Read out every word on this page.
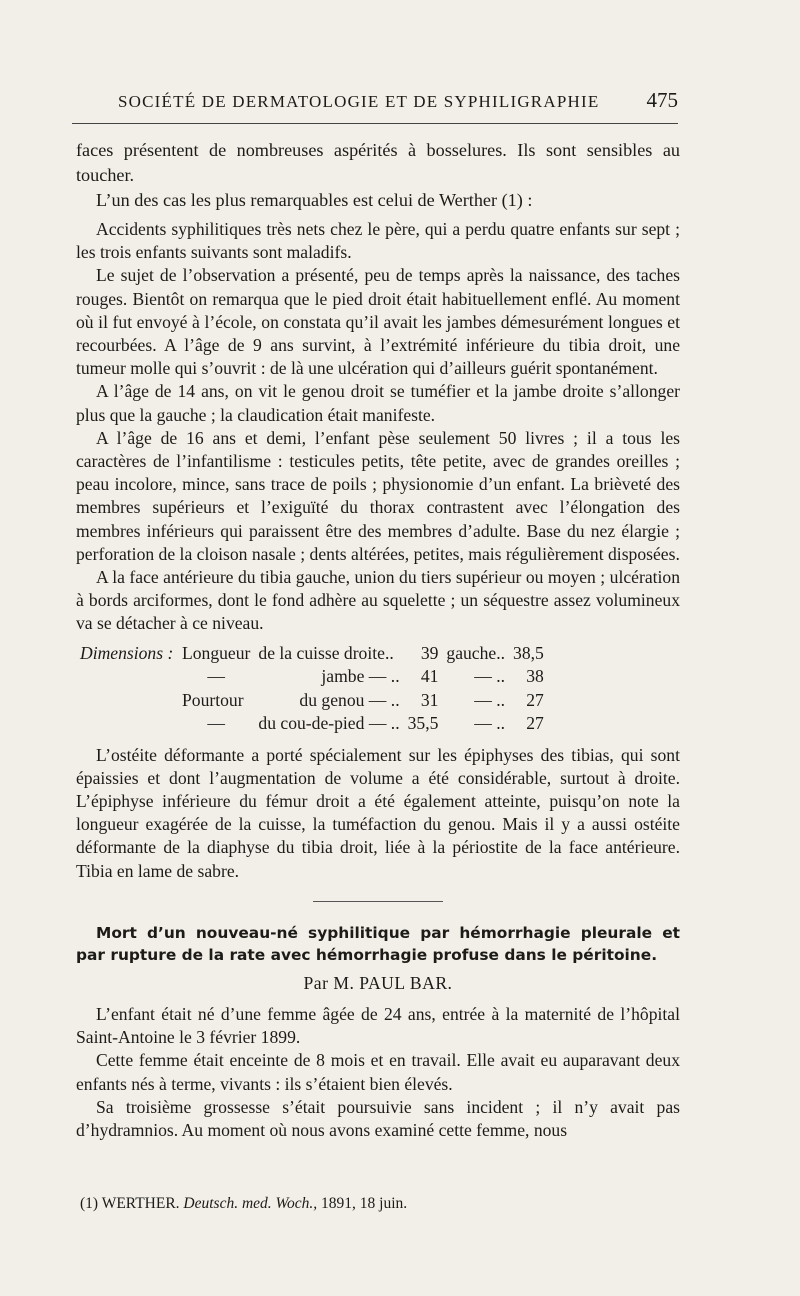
SOCIÉTÉ DE DERMATOLOGIE ET DE SYPHILIGRAPHIE 475

faces présentent de nombreuses aspérités à bosselures. Ils sont sensibles au toucher.

L’un des cas les plus remarquables est celui de Werther (1) :

Accidents syphilitiques très nets chez le père, qui a perdu quatre enfants sur sept ; les trois enfants suivants sont maladifs.

Le sujet de l’observation a présenté, peu de temps après la naissance, des taches rouges. Bientôt on remarqua que le pied droit était habituellement enflé. Au moment où il fut envoyé à l’école, on constata qu’il avait les jambes démesurément longues et recourbées. A l’âge de 9 ans survint, à l’extrémité inférieure du tibia droit, une tumeur molle qui s’ouvrit : de là une ulcération qui d’ailleurs guérit spontanément.

A l’âge de 14 ans, on vit le genou droit se tuméfier et la jambe droite s’allonger plus que la gauche ; la claudication était manifeste.

A l’âge de 16 ans et demi, l’enfant pèse seulement 50 livres ; il a tous les caractères de l’infantilisme : testicules petits, tête petite, avec de grandes oreilles ; peau incolore, mince, sans trace de poils ; physionomie d’un enfant. La brièveté des membres supérieurs et l’exiguïté du thorax contrastent avec l’élongation des membres inférieurs qui paraissent être des membres d’adulte. Base du nez élargie ; perforation de la cloison nasale ; dents altérées, petites, mais régulièrement disposées.

A la face antérieure du tibia gauche, union du tiers supérieur ou moyen ; ulcération à bords arciformes, dont le fond adhère au squelette ; un séquestre assez volumineux va se détacher à ce niveau.

Dimensions :	Longueur	de la cuisse droite..	39	gauche..	38,5
	—	jambe — ..	41	— ..	38
	Pourtour	du genou — ..	31	— ..	27
	—	du cou-de-pied — ..	35,5	— ..	27

L’ostéite déformante a porté spécialement sur les épiphyses des tibias, qui sont épaissies et dont l’augmentation de volume a été considérable, surtout à droite. L’épiphyse inférieure du fémur droit a été également atteinte, puisqu’on note la longueur exagérée de la cuisse, la tuméfaction du genou. Mais il y a aussi ostéite déformante de la diaphyse du tibia droit, liée à la périostite de la face antérieure. Tibia en lame de sabre.

Mort d’un nouveau-né syphilitique par hémorrhagie pleurale et par rupture de la rate avec hémorrhagie profuse dans le péritoine.

Par M. PAUL BAR.

L’enfant était né d’une femme âgée de 24 ans, entrée à la maternité de l’hôpital Saint-Antoine le 3 février 1899.

Cette femme était enceinte de 8 mois et en travail. Elle avait eu auparavant deux enfants nés à terme, vivants : ils s’étaient bien élevés.

Sa troisième grossesse s’était poursuivie sans incident ; il n’y avait pas d’hydramnios. Au moment où nous avons examiné cette femme, nous

(1) WERTHER. Deutsch. med. Woch., 1891, 18 juin.
